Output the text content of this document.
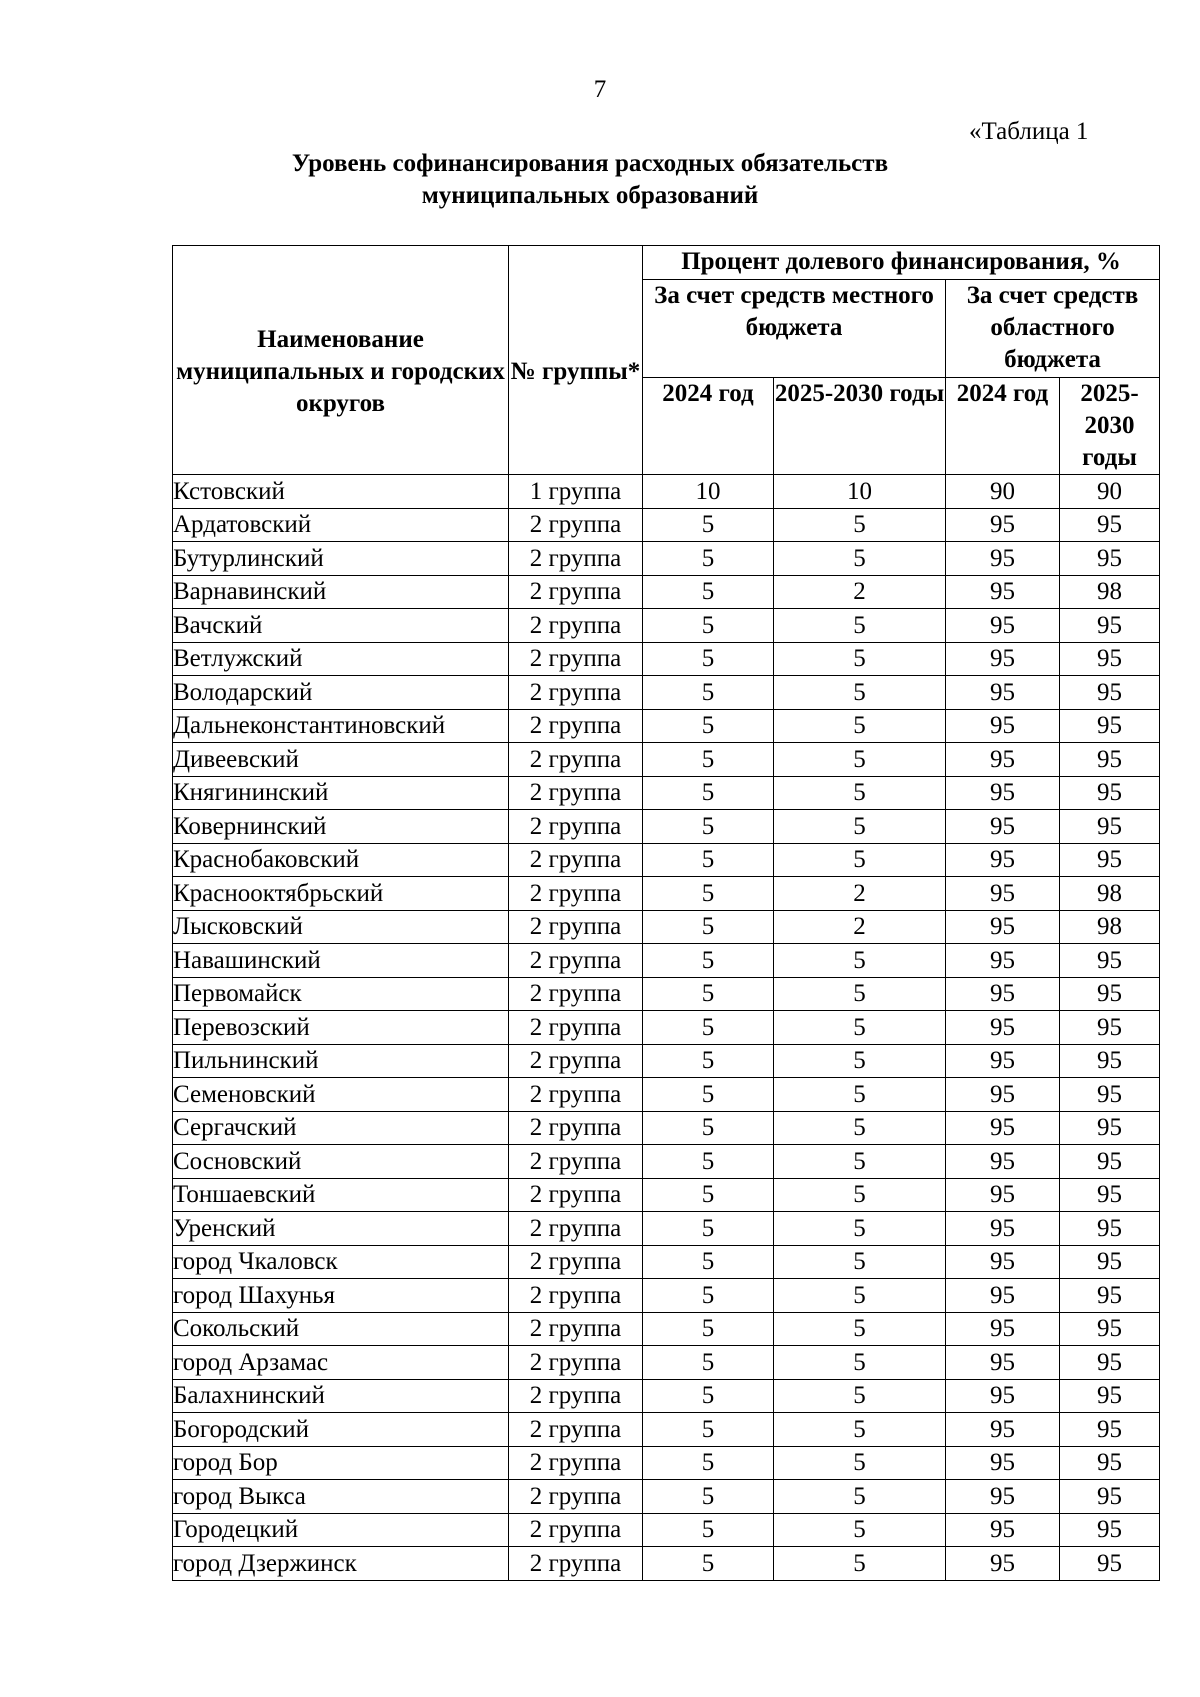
7
«Таблица 1
Уровень софинансирования расходных обязательств
муниципальных образований
Наименование муниципальных и городских округов	№ группы*	Процент долевого финансирования, %			
		За счет средств местного бюджета		За счет средств областного бюджета	
		2024 год	2025-2030 годы	2024 год	2025-2030 годы
Кстовский	1 группа	10	10	90	90
Ардатовский	2 группа	5	5	95	95
Бутурлинский	2 группа	5	5	95	95
Варнавинский	2 группа	5	2	95	98
Вачский	2 группа	5	5	95	95
Ветлужский	2 группа	5	5	95	95
Володарский	2 группа	5	5	95	95
Дальнеконстантиновский	2 группа	5	5	95	95
Дивеевский	2 группа	5	5	95	95
Княгининский	2 группа	5	5	95	95
Ковернинский	2 группа	5	5	95	95
Краснобаковский	2 группа	5	5	95	95
Краснооктябрьский	2 группа	5	2	95	98
Лысковский	2 группа	5	2	95	98
Навашинский	2 группа	5	5	95	95
Первомайск	2 группа	5	5	95	95
Перевозский	2 группа	5	5	95	95
Пильнинский	2 группа	5	5	95	95
Семеновский	2 группа	5	5	95	95
Сергачский	2 группа	5	5	95	95
Сосновский	2 группа	5	5	95	95
Тоншаевский	2 группа	5	5	95	95
Уренский	2 группа	5	5	95	95
город Чкаловск	2 группа	5	5	95	95
город Шахунья	2 группа	5	5	95	95
Сокольский	2 группа	5	5	95	95
город Арзамас	2 группа	5	5	95	95
Балахнинский	2 группа	5	5	95	95
Богородский	2 группа	5	5	95	95
город Бор	2 группа	5	5	95	95
город Выкса	2 группа	5	5	95	95
Городецкий	2 группа	5	5	95	95
город Дзержинск	2 группа	5	5	95	95
